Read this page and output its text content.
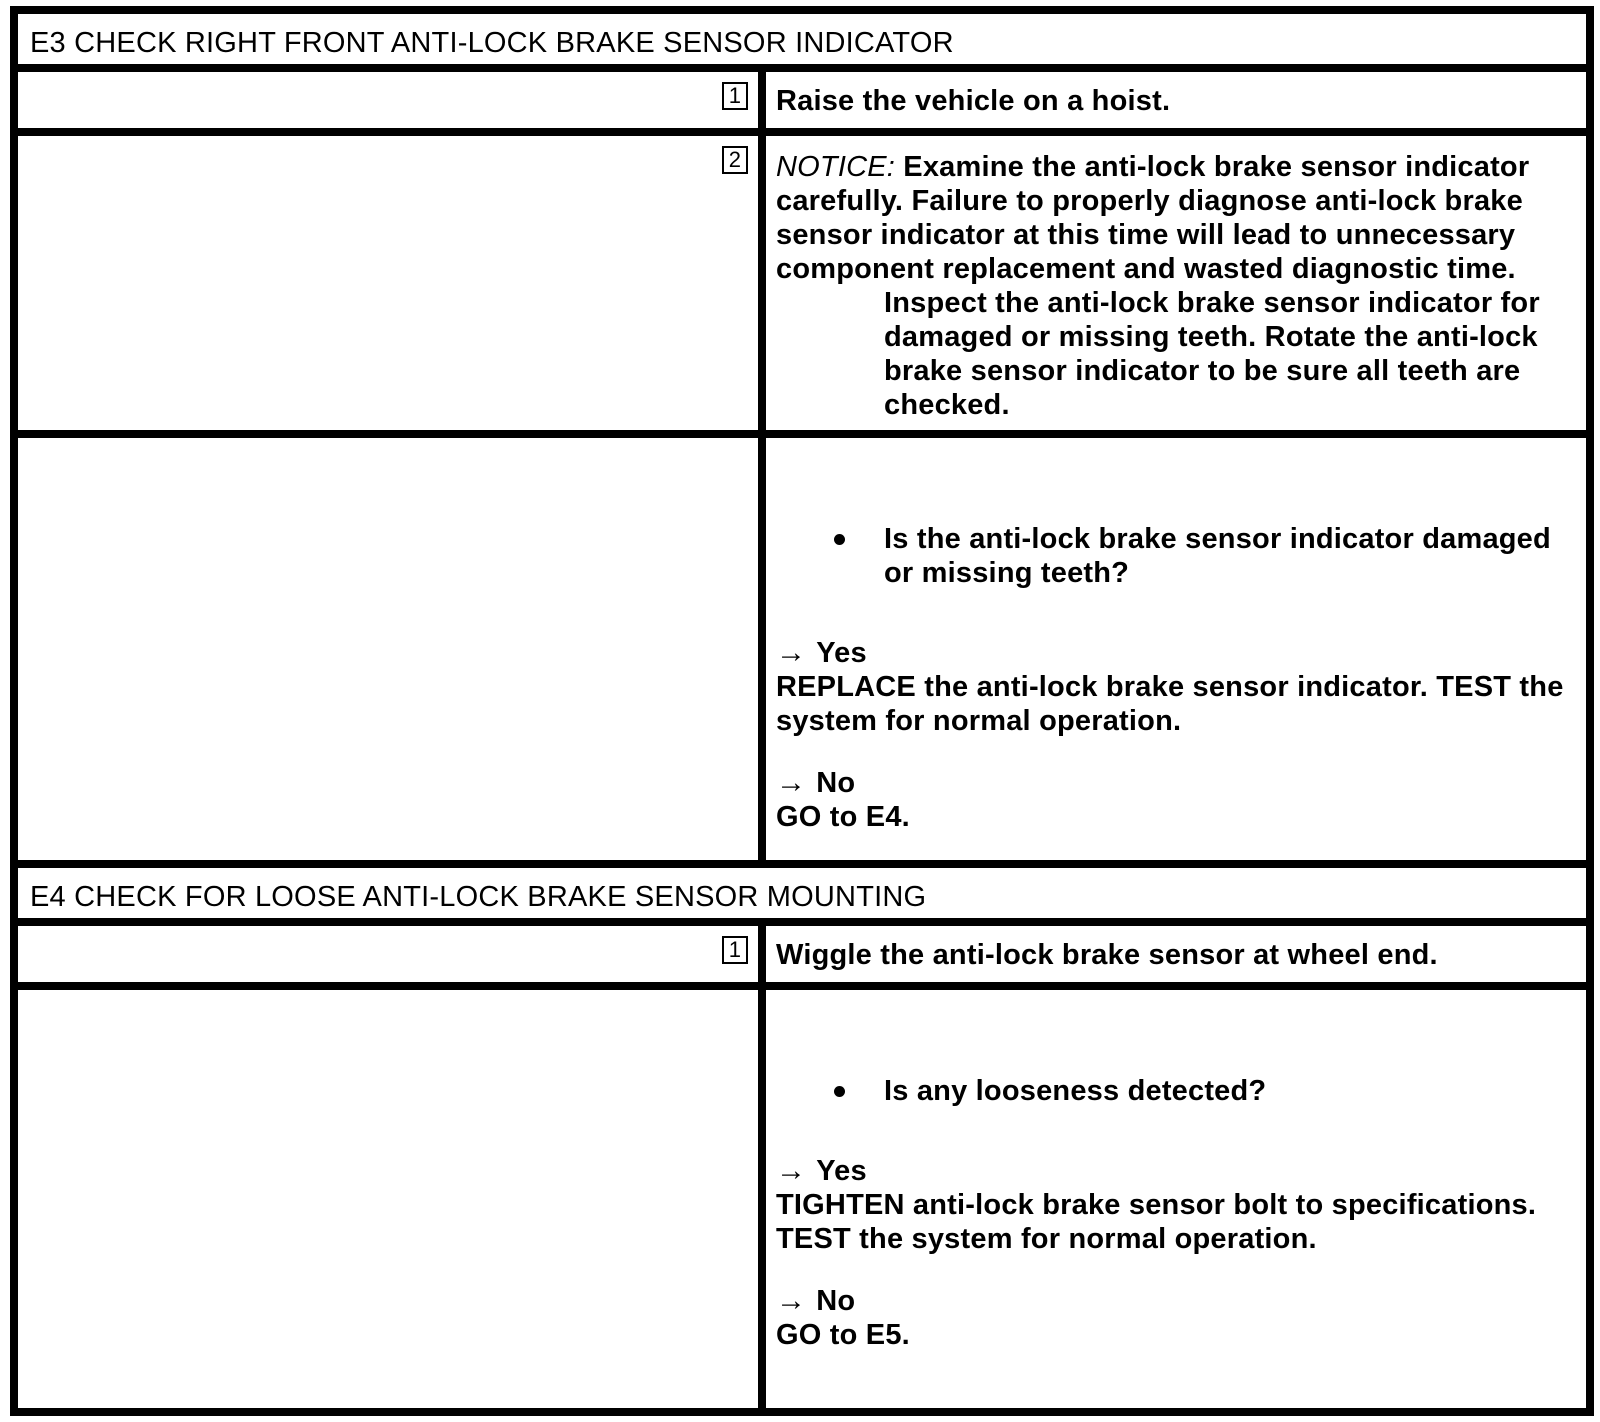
E3 CHECK RIGHT FRONT ANTI-LOCK BRAKE SENSOR INDICATOR
1	Raise the vehicle on a hoist.
2 NOTICE: Examine the anti-lock brake sensor indicator carefully. Failure to properly diagnose anti-lock brake sensor indicator at this time will lead to unnecessary component replacement and wasted diagnostic time.

Inspect the anti-lock brake sensor indicator for damaged or missing teeth. Rotate the anti-lock brake sensor indicator to be sure all teeth are checked.

Is the anti-lock brake sensor indicator damaged or missing teeth?

→ Yes

REPLACE the anti-lock brake sensor indicator. TEST the system for normal operation.

→ No

GO to E4.

E4 CHECK FOR LOOSE ANTI-LOCK BRAKE SENSOR MOUNTING
1	Wiggle the anti-lock brake sensor at wheel end.

Is any looseness detected?

→ Yes

TIGHTEN anti-lock brake sensor bolt to specifications. TEST the system for normal operation.

→ No

GO to E5.
